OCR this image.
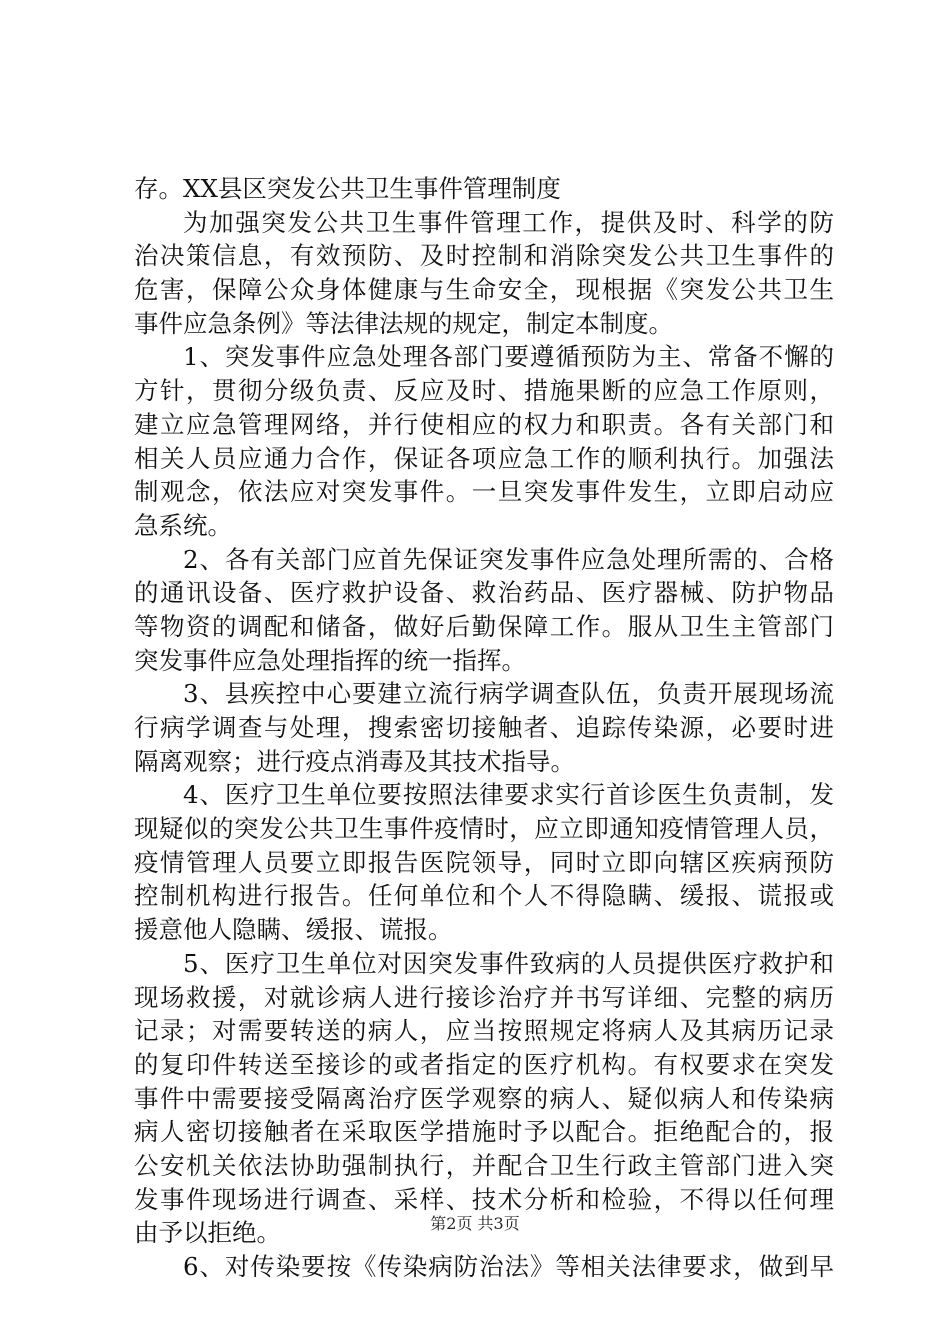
存。XX县区突发公共卫生事件管理制度
为加强突发公共卫生事件管理工作，提供及时、科学的防
治决策信息，有效预防、及时控制和消除突发公共卫生事件的
危害，保障公众身体健康与生命安全，现根据《突发公共卫生
事件应急条例》等法律法规的规定，制定本制度。
1、突发事件应急处理各部门要遵循预防为主、常备不懈的
方针，贯彻分级负责、反应及时、措施果断的应急工作原则，
建立应急管理网络，并行使相应的权力和职责。各有关部门和
相关人员应通力合作，保证各项应急工作的顺利执行。加强法
制观念，依法应对突发事件。一旦突发事件发生，立即启动应
急系统。
2、各有关部门应首先保证突发事件应急处理所需的、合格
的通讯设备、医疗救护设备、救治药品、医疗器械、防护物品
等物资的调配和储备，做好后勤保障工作。服从卫生主管部门
突发事件应急处理指挥的统一指挥。
3、县疾控中心要建立流行病学调查队伍，负责开展现场流
行病学调查与处理，搜索密切接触者、追踪传染源，必要时进
隔离观察；进行疫点消毒及其技术指导。
4、医疗卫生单位要按照法律要求实行首诊医生负责制，发
现疑似的突发公共卫生事件疫情时，应立即通知疫情管理人员，
疫情管理人员要立即报告医院领导，同时立即向辖区疾病预防
控制机构进行报告。任何单位和个人不得隐瞒、缓报、谎报或
援意他人隐瞒、缓报、谎报。
5、医疗卫生单位对因突发事件致病的人员提供医疗救护和
现场救援，对就诊病人进行接诊治疗并书写详细、完整的病历
记录；对需要转送的病人，应当按照规定将病人及其病历记录
的复印件转送至接诊的或者指定的医疗机构。有权要求在突发
事件中需要接受隔离治疗医学观察的病人、疑似病人和传染病
病人密切接触者在采取医学措施时予以配合。拒绝配合的，报
公安机关依法协助强制执行，并配合卫生行政主管部门进入突
发事件现场进行调查、采样、技术分析和检验，不得以任何理
由予以拒绝。
6、对传染要按《传染病防治法》等相关法律要求，做到早
第2页 共3页
